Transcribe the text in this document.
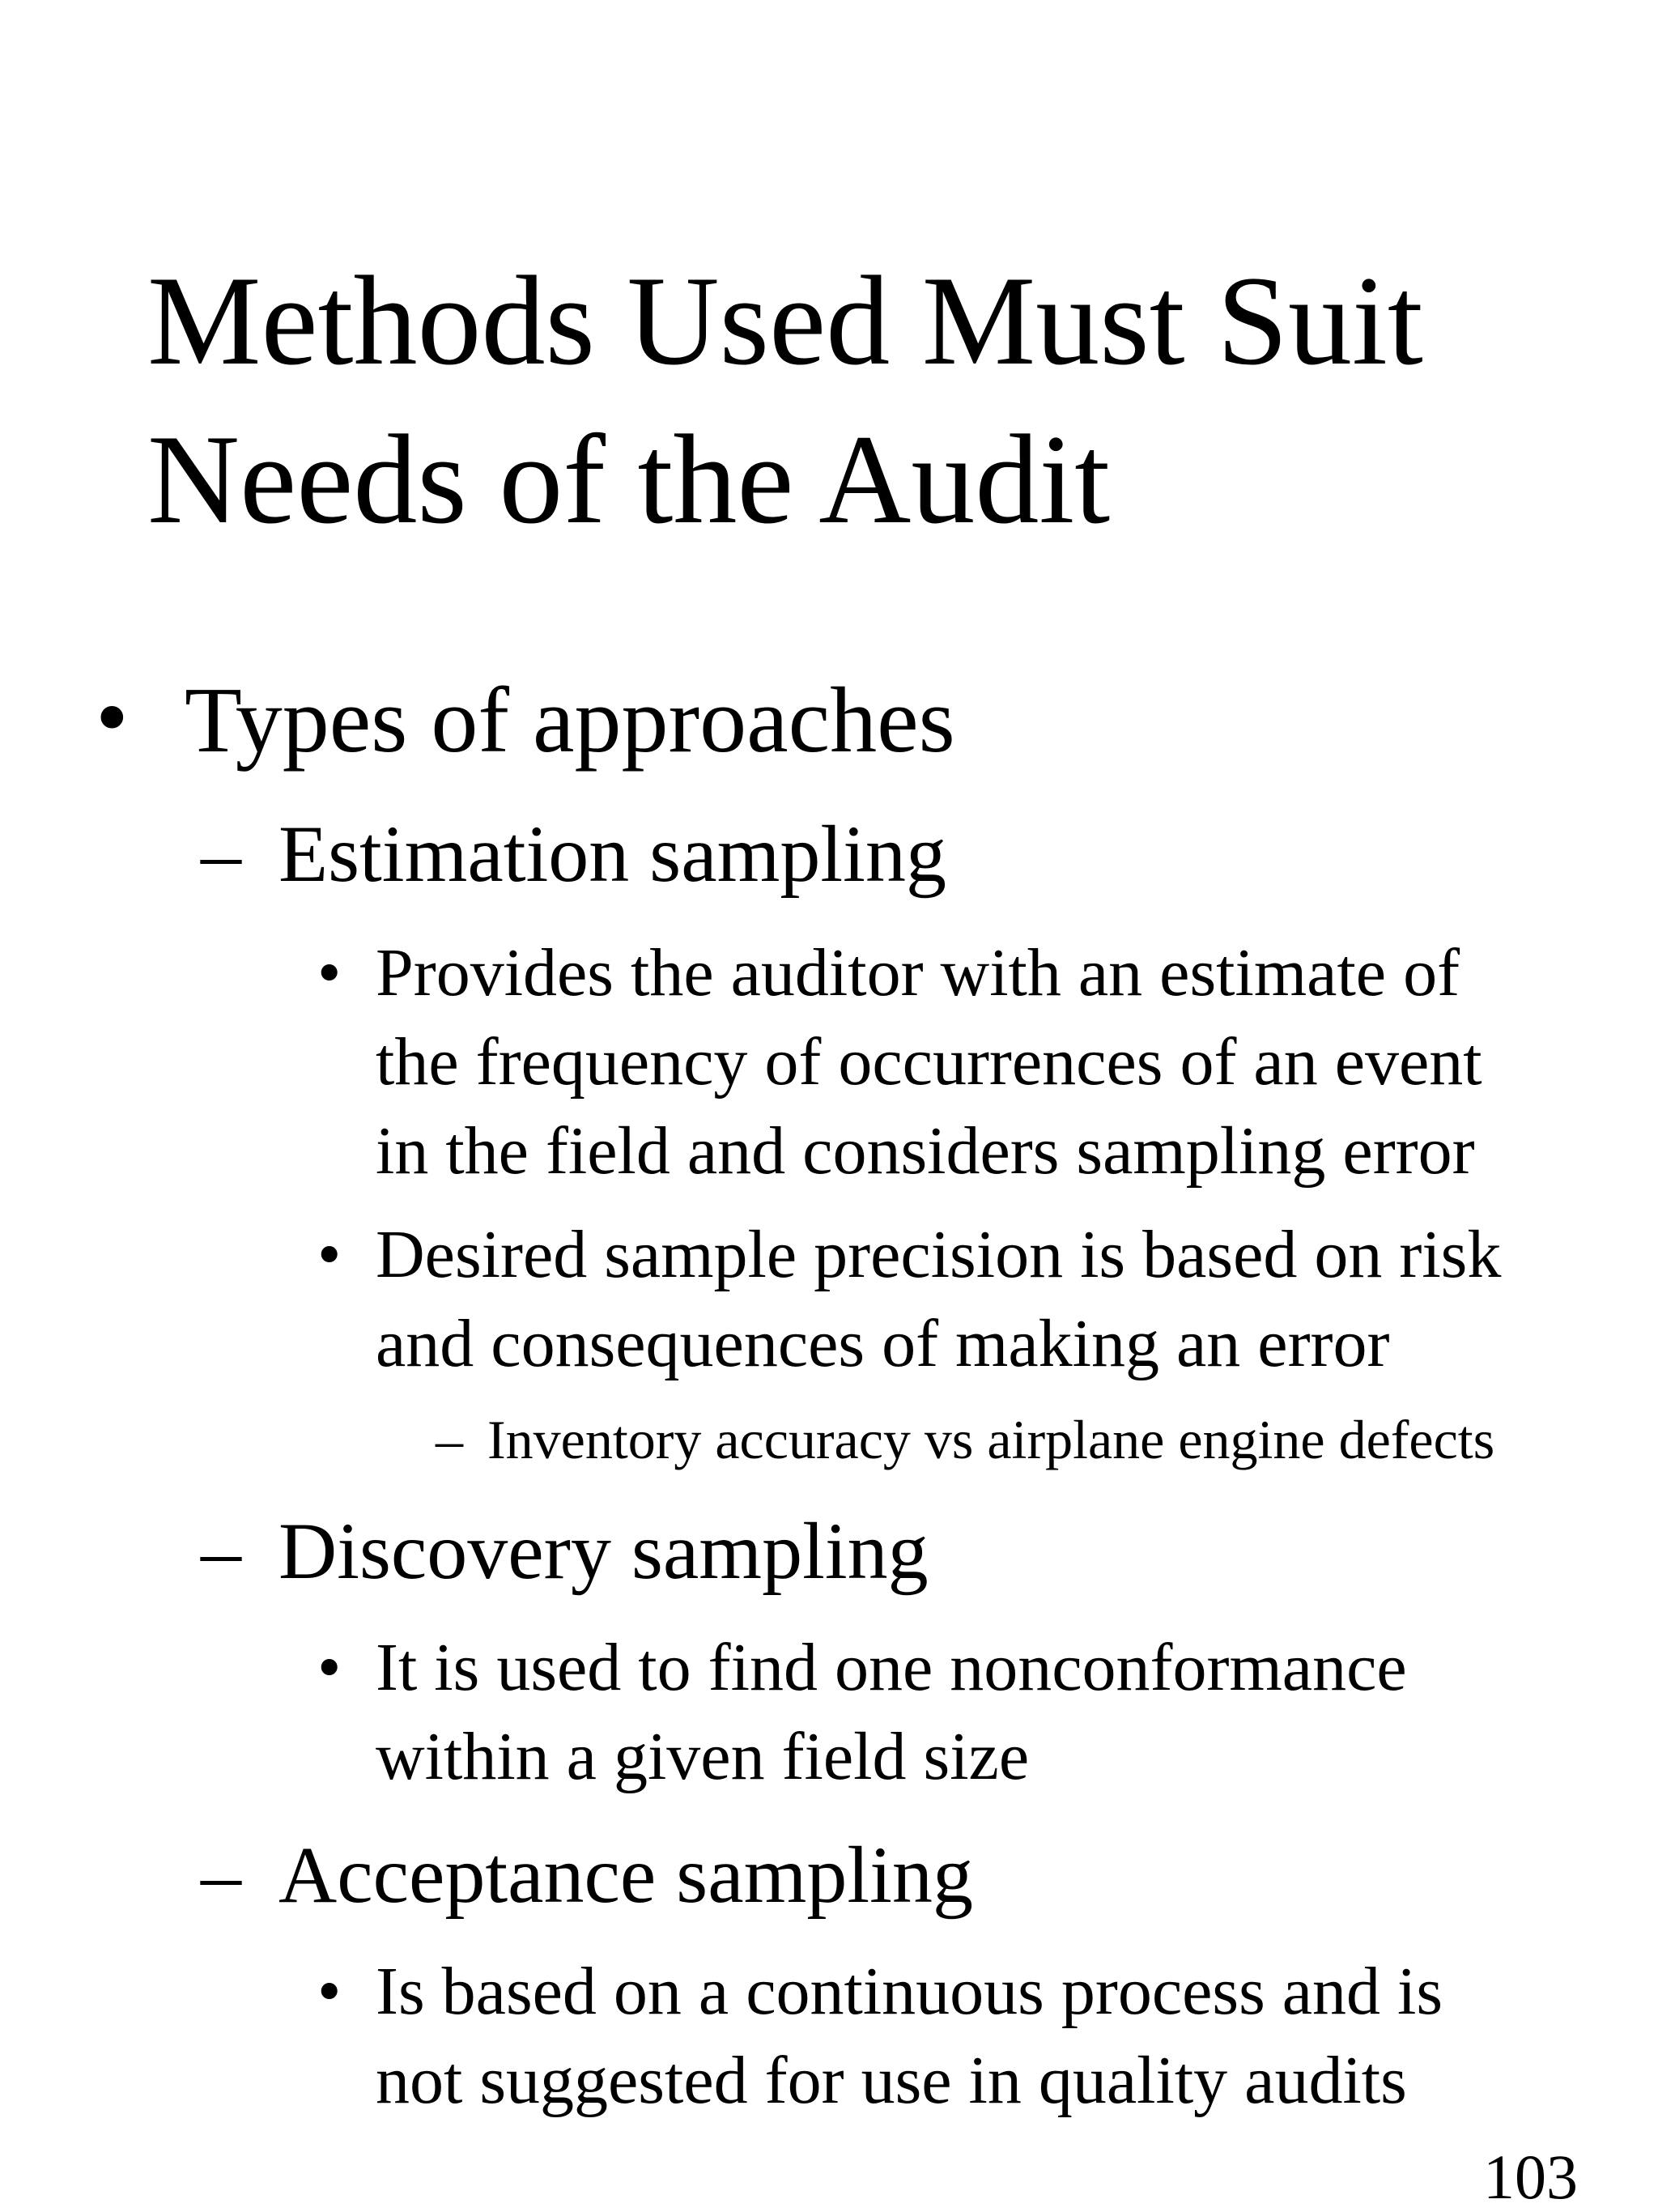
Methods Used Must Suit
Needs of the Audit
• Types of approaches
– Estimation sampling
• Provides the auditor with an estimate of
the frequency of occurrences of an event
in the field and considers sampling error
• Desired sample precision is based on risk
and consequences of making an error
– Inventory accuracy vs airplane engine defects
– Discovery sampling
• It is used to find one nonconformance
within a given field size
– Acceptance sampling
• Is based on a continuous process and is
not suggested for use in quality audits
103
